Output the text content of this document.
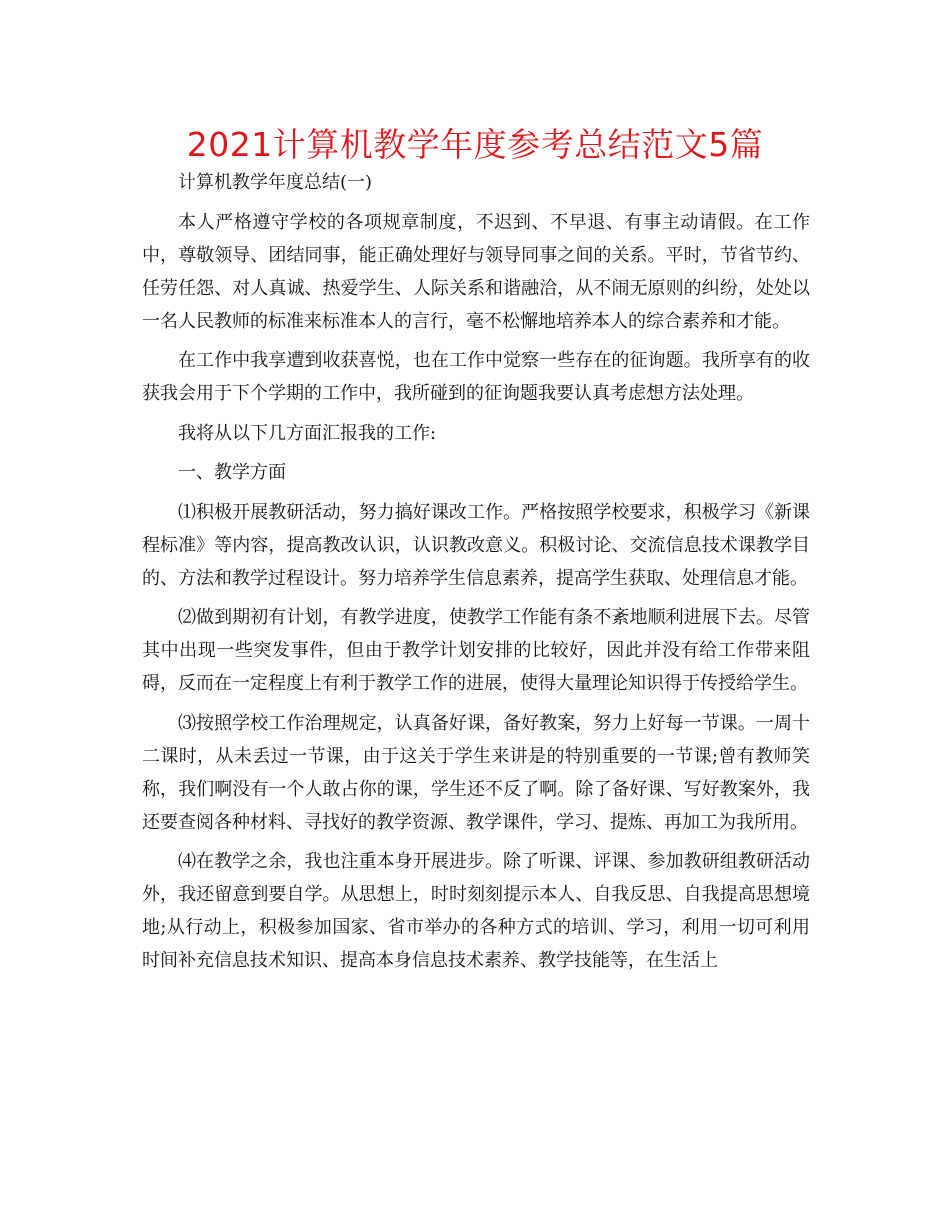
2021计算机教学年度参考总结范文5篇

计算机教学年度总结(一)

本人严格遵守学校的各项规章制度，不迟到、不早退、有事主动请假。在工作中，尊敬领导、团结同事，能正确处理好与领导同事之间的关系。平时，节省节约、任劳任怨、对人真诚、热爱学生、人际关系和谐融洽，从不闹无原则的纠纷，处处以一名人民教师的标准来标准本人的言行，毫不松懈地培养本人的综合素养和才能。

在工作中我享遭到收获喜悦，也在工作中觉察一些存在的征询题。我所享有的收获我会用于下个学期的工作中，我所碰到的征询题我要认真考虑想方法处理。

我将从以下几方面汇报我的工作:

一、教学方面

⑴积极开展教研活动，努力搞好课改工作。严格按照学校要求，积极学习《新课程标准》等内容，提高教改认识，认识教改意义。积极讨论、交流信息技术课教学目的、方法和教学过程设计。努力培养学生信息素养，提高学生获取、处理信息才能。

⑵做到期初有计划，有教学进度，使教学工作能有条不紊地顺利进展下去。尽管其中出现一些突发事件，但由于教学计划安排的比较好，因此并没有给工作带来阻碍，反而在一定程度上有利于教学工作的进展，使得大量理论知识得于传授给学生。

⑶按照学校工作治理规定，认真备好课，备好教案，努力上好每一节课。一周十二课时，从未丢过一节课，由于这关于学生来讲是的特别重要的一节课;曾有教师笑称，我们啊没有一个人敢占你的课，学生还不反了啊。除了备好课、写好教案外，我还要查阅各种材料、寻找好的教学资源、教学课件，学习、提炼、再加工为我所用。

⑷在教学之余，我也注重本身开展进步。除了听课、评课、参加教研组教研活动外，我还留意到要自学。从思想上，时时刻刻提示本人、自我反思、自我提高思想境地;从行动上，积极参加国家、省市举办的各种方式的培训、学习，利用一切可利用时间补充信息技术知识、提高本身信息技术素养、教学技能等，在生活上
